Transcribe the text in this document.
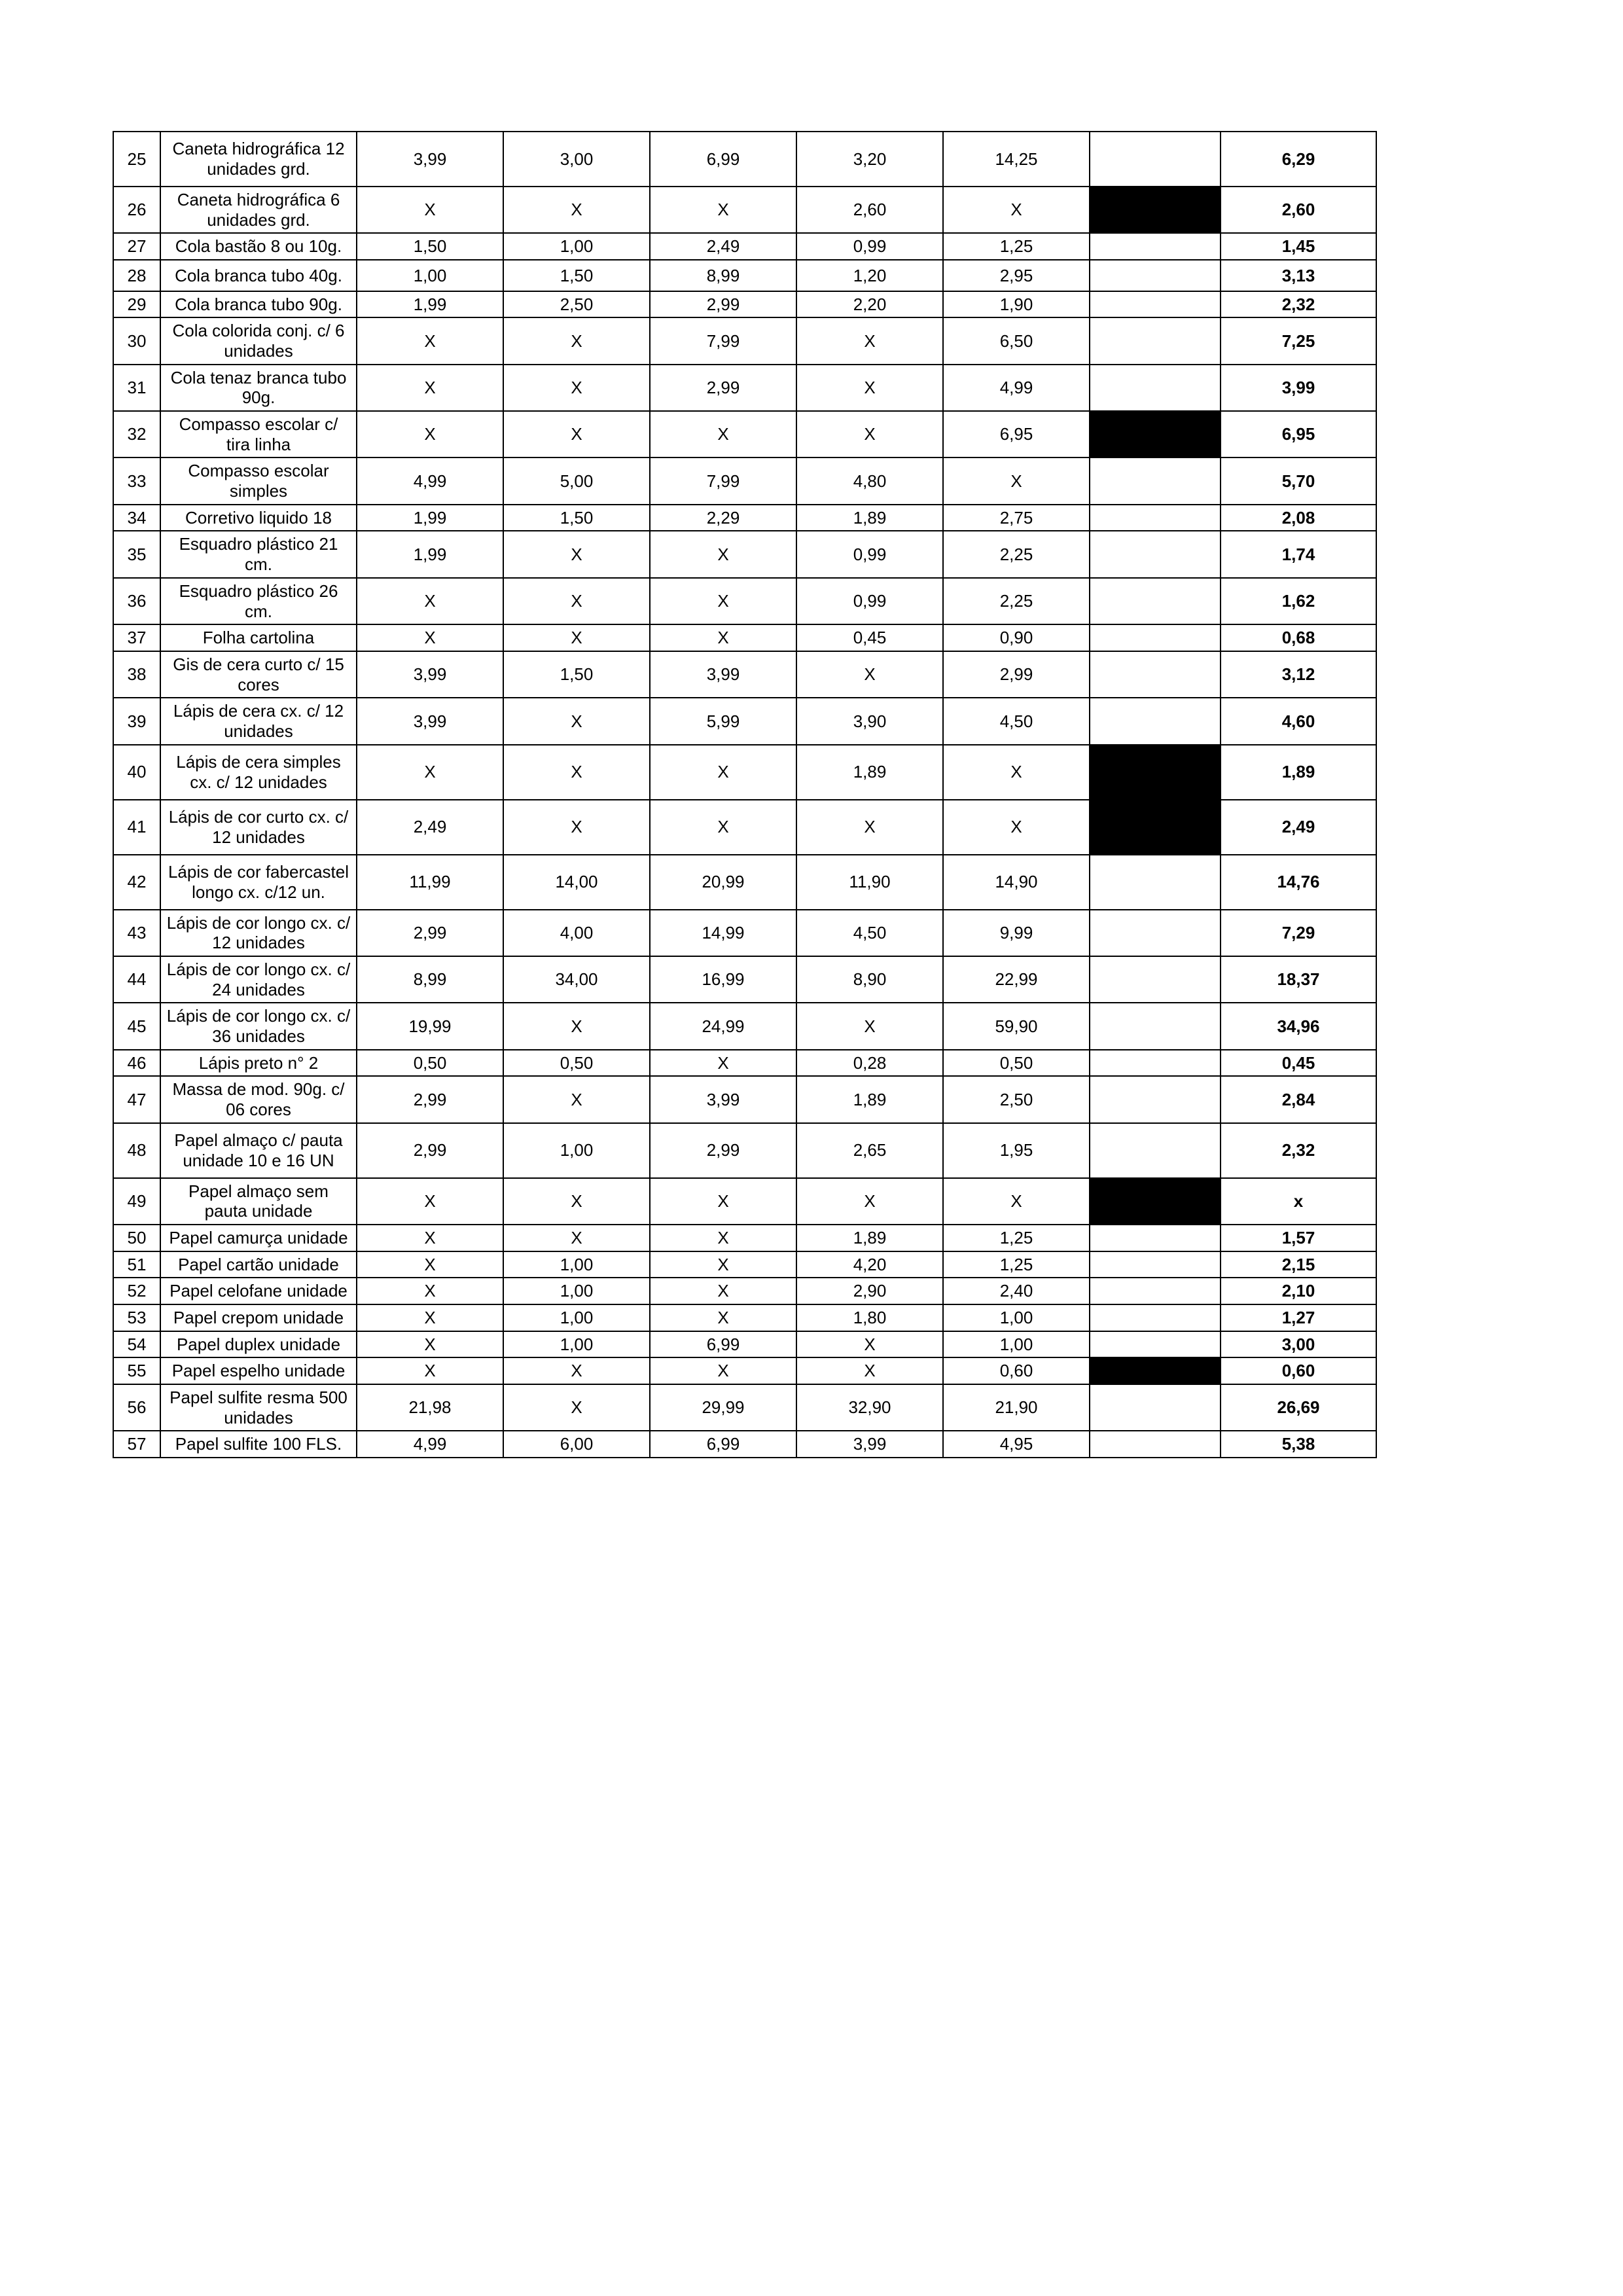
25	Caneta hidrográfica 12 unidades grd.	3,99	3,00	6,99	3,20	14,25	375,00	6,29
26	Caneta hidrográfica 6 unidades grd.	X	X	X	2,60	X		2,60
27	Cola bastão 8 ou 10g.	1,50	1,00	2,49	0,99	1,25	151,51	1,45
28	Cola branca tubo 40g.	1,00	1,50	8,99	1,20	2,95	799,00	3,13
29	Cola branca tubo 90g.	1,99	2,50	2,99	2,20	1,90	57,36	2,32
30	Cola colorida conj. c/ 6 unidades	X	X	7,99	X	6,50	22,92	7,25
31	Cola tenaz branca tubo 90g.	X	X	2,99	X	4,99	66,88	3,99
32	Compasso escolar c/ tira linha	X	X	X	X	6,95		6,95
33	Compasso escolar simples	4,99	5,00	7,99	4,80	X	66,45	5,70
34	Corretivo liquido 18	1,99	1,50	2,29	1,89	2,75	83,33	2,08
35	Esquadro plástico 21 cm.	1,99	X	X	0,99	2,25	127,27	1,74
36	Esquadro plástico 26 cm.	X	X	X	0,99	2,25	127,27	1,62
37	Folha cartolina	X	X	X	0,45	0,90	100,00	0,68
38	Gis de cera curto c/ 15 cores	3,99	1,50	3,99	X	2,99	166,00	3,12
39	Lápis de cera cx. c/ 12 unidades	3,99	X	5,99	3,90	4,50	53,58	4,60
40	Lápis de cera simples cx. c/ 12 unidades	X	X	X	1,89	X		1,89
41	Lápis de cor curto cx. c/ 12 unidades	2,49	X	X	X	X		2,49
42	Lápis de cor fabercastel longo cx. c/12 un.	11,99	14,00	20,99	11,90	14,90	76,38	14,76
43	Lápis de cor longo cx. c/ 12 unidades	2,99	4,00	14,99	4,50	9,99	401,33	7,29
44	Lápis de cor longo cx. c/ 24 unidades	8,99	34,00	16,99	8,90	22,99	282,02	18,37
45	Lápis de cor longo cx. c/ 36 unidades	19,99	X	24,99	X	59,90	199,64	34,96
46	Lápis preto n° 2	0,50	0,50	X	0,28	0,50	78,57	0,45
47	Massa de mod. 90g. c/ 06 cores	2,99	X	3,99	1,89	2,50	111,11	2,84
48	Papel almaço c/ pauta unidade 10 e 16 UN	2,99	1,00	2,99	2,65	1,95	199,00	2,32
49	Papel almaço sem pauta unidade	X	X	X	X	X		x
50	Papel camurça unidade	X	X	X	1,89	1,25	51,20	1,57
51	Papel cartão unidade	X	1,00	X	4,20	1,25	320,00	2,15
52	Papel celofane unidade	X	1,00	X	2,90	2,40	190,00	2,10
53	Papel crepom unidade	X	1,00	X	1,80	1,00	80,00	1,27
54	Papel duplex unidade	X	1,00	6,99	X	1,00	599,00	3,00
55	Papel espelho unidade	X	X	X	X	0,60		0,60
56	Papel sulfite resma 500 unidades	21,98	X	29,99	32,90	21,90	50,22	26,69
57	Papel sulfite 100 FLS.	4,99	6,00	6,99	3,99	4,95	75,18	5,38
